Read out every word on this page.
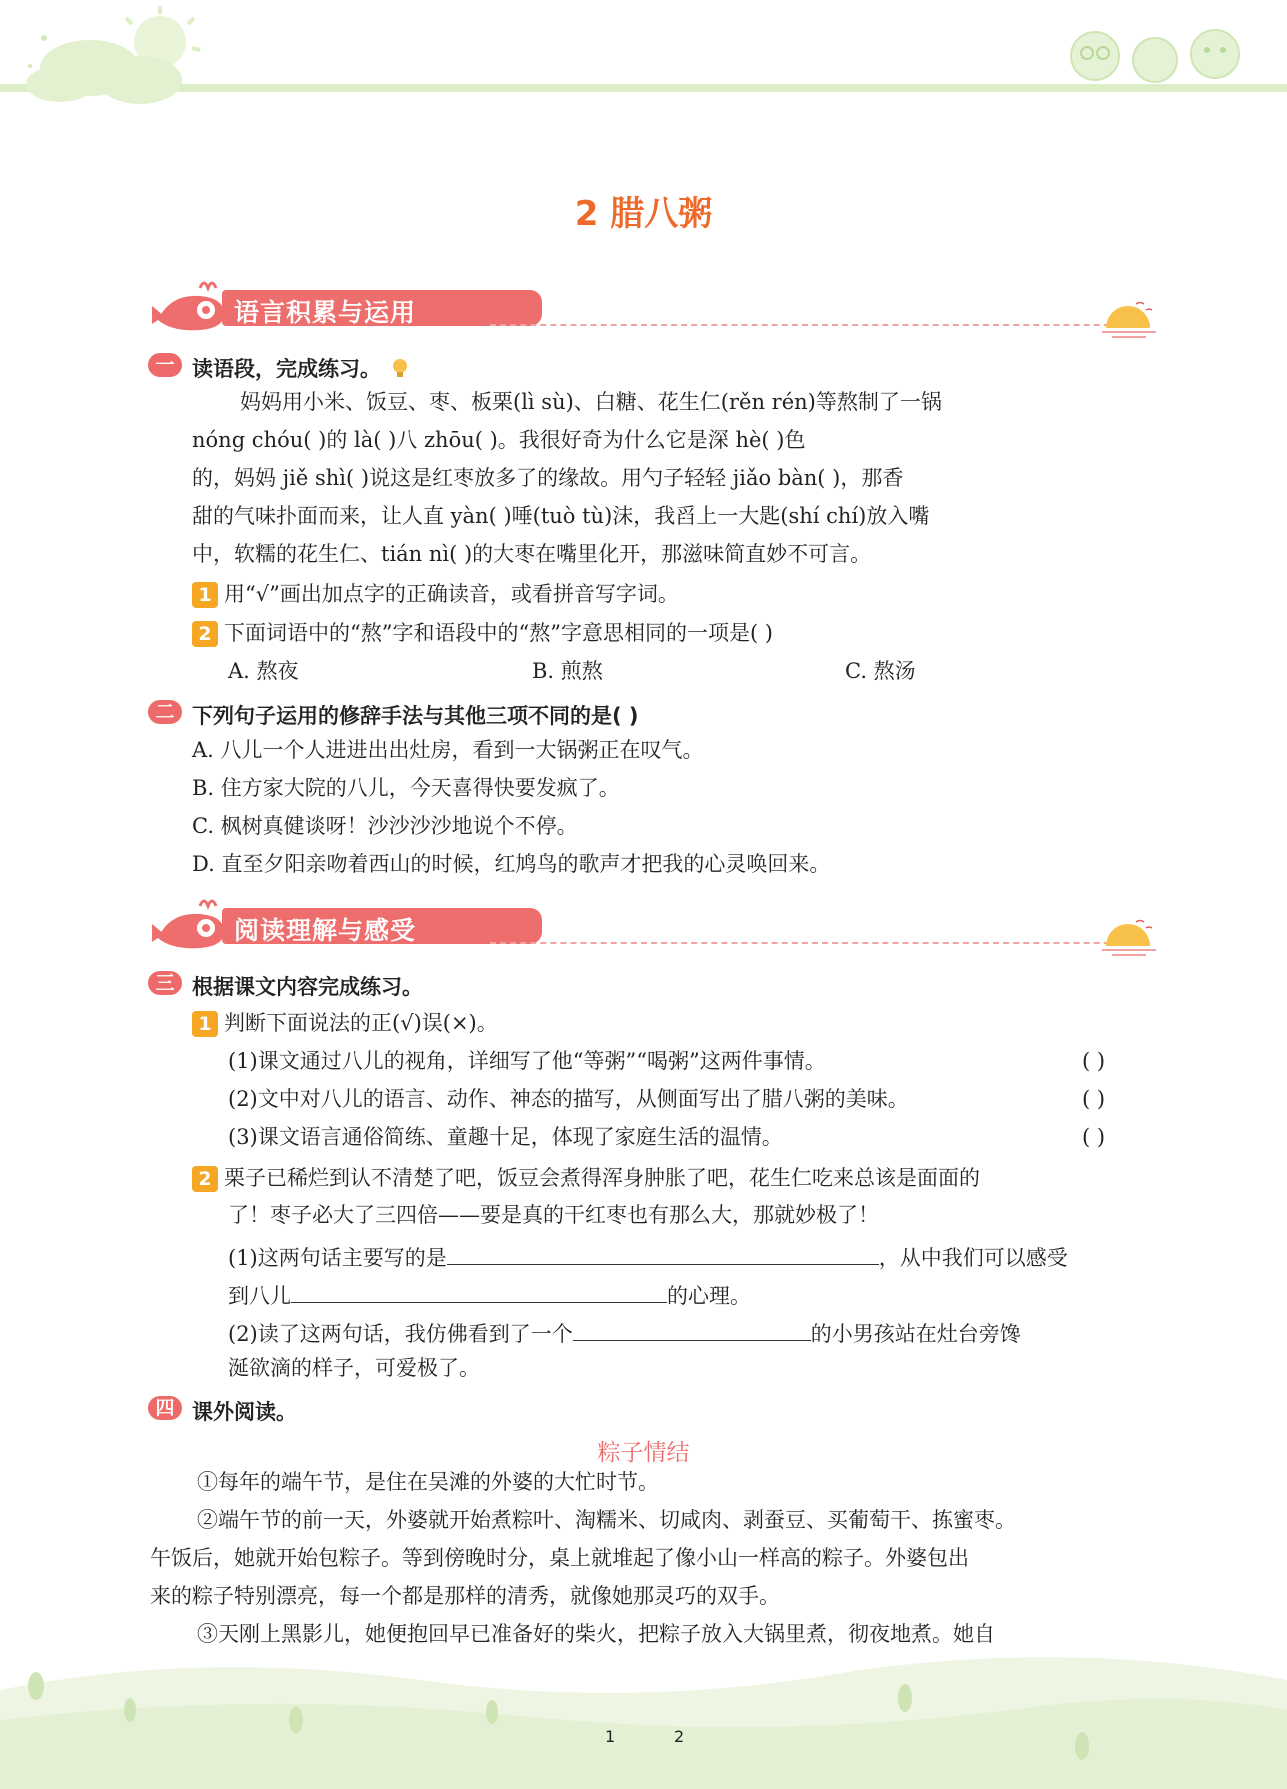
2 腊八粥
语言积累与运用
一 读语段，完成练习。
妈妈用小米、饭豆、枣、板栗(lì sù)、白糖、花生仁(rěn rén)等熬制了一锅
nóng chóu( )的 là( )八 zhōu( )。我很好奇为什么它是深 hè( )色
的，妈妈 jiě shì( )说这是红枣放多了的缘故。用勺子轻轻 jiǎo bàn( )，那香
甜的气味扑面而来，让人直 yàn( )唾(tuò tù)沫，我舀上一大匙(shí chí)放入嘴
中，软糯的花生仁、tián nì( )的大枣在嘴里化开，那滋味简直妙不可言。
1 用“√”画出加点字的正确读音，或看拼音写字词。
2 下面词语中的“熬”字和语段中的“熬”字意思相同的一项是( )
A. 熬夜	B. 煎熬	C. 熬汤
二 下列句子运用的修辞手法与其他三项不同的是( )
A. 八儿一个人进进出出灶房，看到一大锅粥正在叹气。
B. 住方家大院的八儿，今天喜得快要发疯了。
C. 枫树真健谈呀！沙沙沙沙地说个不停。
D. 直至夕阳亲吻着西山的时候，红鸠鸟的歌声才把我的心灵唤回来。
阅读理解与感受
三 根据课文内容完成练习。
1 判断下面说法的正(√)误(×)。
(1)课文通过八儿的视角，详细写了他“等粥”“喝粥”这两件事情。	( )
(2)文中对八儿的语言、动作、神态的描写，从侧面写出了腊八粥的美味。	( )
(3)课文语言通俗简练、童趣十足，体现了家庭生活的温情。	( )
2 栗子已稀烂到认不清楚了吧，饭豆会煮得浑身肿胀了吧，花生仁吃来总该是面面的
了！枣子必大了三四倍——要是真的干红枣也有那么大，那就妙极了！
(1)这两句话主要写的是	，从中我们可以感受
到八儿	的心理。
(2)读了这两句话，我仿佛看到了一个	的小男孩站在灶台旁馋
涎欲滴的样子，可爱极了。
四 课外阅读。
粽子情结
①每年的端午节，是住在吴滩的外婆的大忙时节。
②端午节的前一天，外婆就开始煮粽叶、淘糯米、切咸肉、剥蚕豆、买葡萄干、拣蜜枣。
午饭后，她就开始包粽子。等到傍晚时分，桌上就堆起了像小山一样高的粽子。外婆包出
来的粽子特别漂亮，每一个都是那样的清秀，就像她那灵巧的双手。
③天刚上黑影儿，她便抱回早已准备好的柴火，把粽子放入大锅里煮，彻夜地煮。她自
1	2
